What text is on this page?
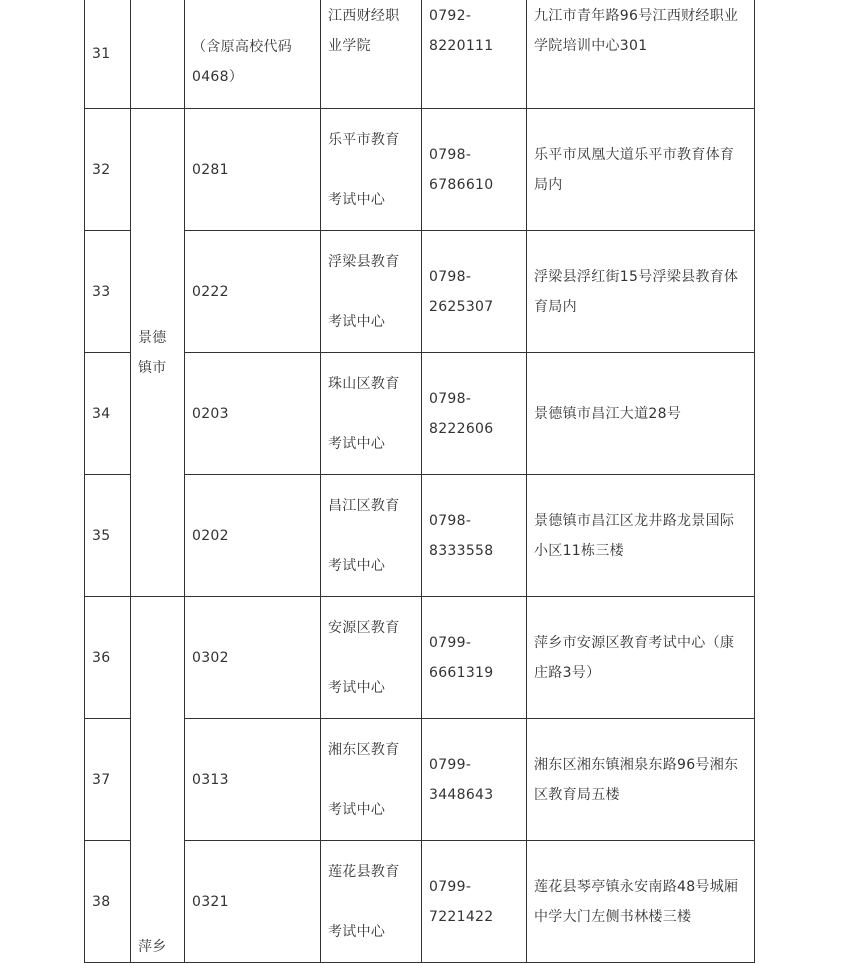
31		（含原高校代码0468）	江西财经职
业学院	0792-8220111	九江市青年路96号江西财经职业学院培训中心301
32	景德镇市	0281	乐平市教育
考试中心	0798-6786610	乐平市凤凰大道乐平市教育体育局内
33		0222	浮梁县教育
考试中心	0798-2625307	浮梁县浮红街15号浮梁县教育体育局内
34		0203	珠山区教育
考试中心	0798-8222606	景德镇市昌江大道28号
35		0202	昌江区教育
考试中心	0798-8333558	景德镇市昌江区龙井路龙景国际小区11栋三楼
36	萍乡	0302	安源区教育
考试中心	0799-6661319	萍乡市安源区教育考试中心（康庄路3号）
37		0313	湘东区教育
考试中心	0799-3448643	湘东区湘东镇湘泉东路96号湘东区教育局五楼
38		0321	莲花县教育
考试中心	0799-7221422	莲花县琴亭镇永安南路48号城厢中学大门左侧书林楼三楼
